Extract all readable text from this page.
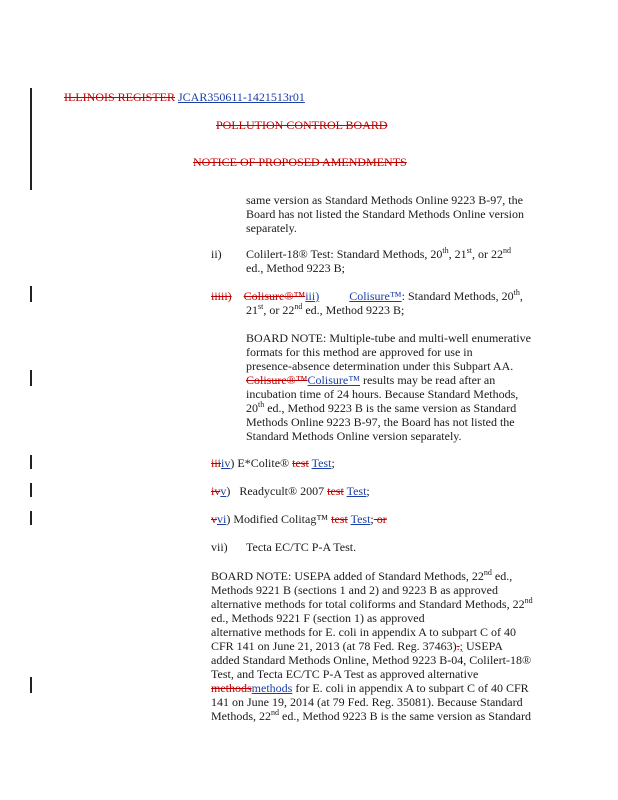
ILLINOIS REGISTER JCAR350611-1421513r01
POLLUTION CONTROL BOARD
NOTICE OF PROPOSED AMENDMENTS
same version as Standard Methods Online 9223 B-97, the
Board has not listed the Standard Methods Online version
separately.
ii) Colilert-18® Test: Standard Methods, 20th, 21st, or 22nd
ed., Method 9223 B;
iiiii) Colisure®™iii)	Colisure™: Standard Methods, 20th,
21st, or 22nd ed., Method 9223 B;
BOARD NOTE: Multiple-tube and multi-well enumerative
formats for this method are approved for use in
presence-absence determination under this Subpart AA.
Colisure®™Colisure™ results may be read after an
incubation time of 24 hours. Because Standard Methods,
20th ed., Method 9223 B is the same version as Standard
Methods Online 9223 B-97, the Board has not listed the
Standard Methods Online version separately.
iiiiv) E*Colite® test Test;
ivv)   Readycult® 2007 test Test;
vvi) Modified Colitag™ test Test; or
vii) Tecta EC/TC P-A Test.
BOARD NOTE: USEPA added of Standard Methods, 22nd ed.,
Methods 9221 B (sections 1 and 2) and 9223 B as approved
alternative methods for total coliforms and Standard Methods, 22nd
ed., Methods 9221 F (section 1) as approved
alternative methods for E. coli in appendix A to subpart C of 40
CFR 141 on June 21, 2013 (at 78 Fed. Reg. 37463).; USEPA
added Standard Methods Online, Method 9223 B-04, Colilert-18®
Test, and Tecta EC/TC P-A Test as approved alternative
methodsmethods for E. coli in appendix A to subpart C of 40 CFR
141 on June 19, 2014 (at 79 Fed. Reg. 35081). Because Standard
Methods, 22nd ed., Method 9223 B is the same version as Standard
